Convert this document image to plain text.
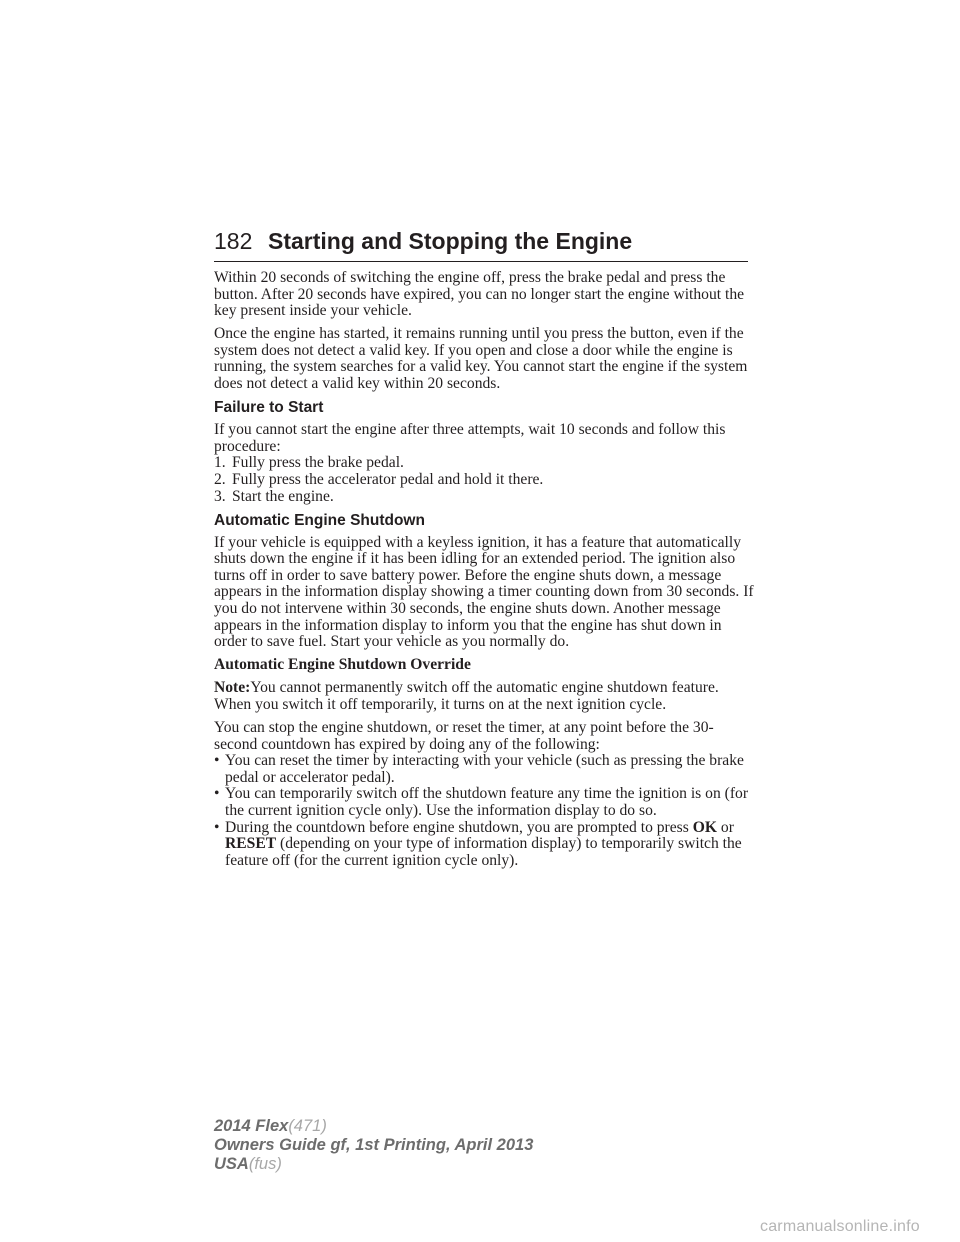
182 Starting and Stopping the Engine

Within 20 seconds of switching the engine off, press the brake pedal and press the button. After 20 seconds have expired, you can no longer start the engine without the key present inside your vehicle.

Once the engine has started, it remains running until you press the button, even if the system does not detect a valid key. If you open and close a door while the engine is running, the system searches for a valid key. You cannot start the engine if the system does not detect a valid key within 20 seconds.

Failure to Start
If you cannot start the engine after three attempts, wait 10 seconds and follow this procedure:
1. Fully press the brake pedal.
2. Fully press the accelerator pedal and hold it there.
3. Start the engine.
Automatic Engine Shutdown

If your vehicle is equipped with a keyless ignition, it has a feature that automatically shuts down the engine if it has been idling for an extended period. The ignition also turns off in order to save battery power. Before the engine shuts down, a message appears in the information display showing a timer counting down from 30 seconds. If you do not intervene within 30 seconds, the engine shuts down. Another message appears in the information display to inform you that the engine has shut down in order to save fuel. Start your vehicle as you normally do.

Automatic Engine Shutdown Override

Note:You cannot permanently switch off the automatic engine shutdown feature. When you switch it off temporarily, it turns on at the next ignition cycle.

You can stop the engine shutdown, or reset the timer, at any point before the 30-second countdown has expired by doing any of the following:
• You can reset the timer by interacting with your vehicle (such as pressing the brake pedal or accelerator pedal).
• You can temporarily switch off the shutdown feature any time the ignition is on (for the current ignition cycle only). Use the information display to do so.
• During the countdown before engine shutdown, you are prompted to press OK or RESET (depending on your type of information display) to temporarily switch the feature off (for the current ignition cycle only).
2014 Flex(471)
Owners Guide gf, 1st Printing, April 2013
USA(fus)
carmanualsonline.info
